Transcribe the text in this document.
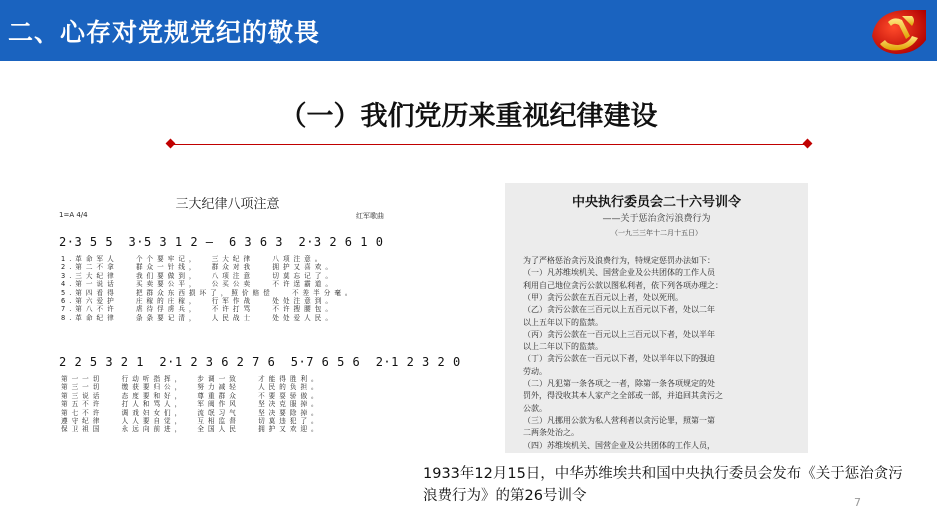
二、心存对党规党纪的敬畏
（一）我们党历来重视纪律建设
三大纪律八项注意
1=A 4/4	红军歌曲
2·3 5 5  3·5 3 1 2 –  6 3 6 3  2·3 2 6 1 0
1.革命军人   个个要牢记，  三大纪律   八项注意。
2.第二不拿   群众一针线，  群众对我   拥护又喜欢。
3.三大纪律   我们要做到，  八项注意   切莫忘记了。
4.第一说话   买卖要公平，  公买公卖   不许逞霸道。
5.第四看得   把群众东西损坏了，照价赔偿   不差半分毫。
6.第六爱护   庄稼的庄稼，  行军作战   处处注意到。
7.第八不许   虐待俘虏兵，  不许打骂   不许搜腰包。
8.革命纪律   条条要记清，  人民战士   处处爱人民。
2 2 5 3 2 1  2·1 2 3 6 2 7 6  5·7 6 5 6  2·1 2 3 2 0
第一一切   行动听指挥，  步调一致   才能得胜利。
第三一切   缴获要归公，  努力减轻   人民的负担。
第三说话   态度要和好，  尊重群众   不要耍骄傲。
第五不许   打人和骂人，  军阀作风   坚决克服掉。
第七不许   调戏妇女们，  流氓习气   坚决要除掉。
遵守纪律   人人要自觉，  互相监督   切莫违犯了。
保卫祖国   永远向前进，  全国人民   拥护又欢迎。
中央执行委员会二十六号训令
——关于惩治贪污浪费行为
（一九三三年十二月十五日）
为了严格惩治贪污及浪费行为，特规定惩罚办法如下：
（一）凡苏维埃机关、国营企业及公共团体的工作人员
利用自己地位贪污公款以图私利者，依下列各项办理之：
（甲）贪污公款在五百元以上者，处以死刑。
（乙）贪污公款在三百元以上五百元以下者，处以二年
以上五年以下的监禁。
（丙）贪污公款在一百元以上三百元以下者，处以半年
以上二年以下的监禁。
（丁）贪污公款在一百元以下者，处以半年以下的强迫
劳动。
（二）凡犯第一条各项之一者，除第一条各项规定的处
罚外，得没收其本人家产之全部或一部，并追回其贪污之
公款。
（三）凡挪用公款为私人营利者以贪污论罪，照第一第
二两条处治之。
（四）苏维埃机关、国营企业及公共团体的工作人员，
1933年12月15日，中华苏维埃共和国中央执行委员会发布《关于惩治贪污浪费行为》的第26号训令	7
